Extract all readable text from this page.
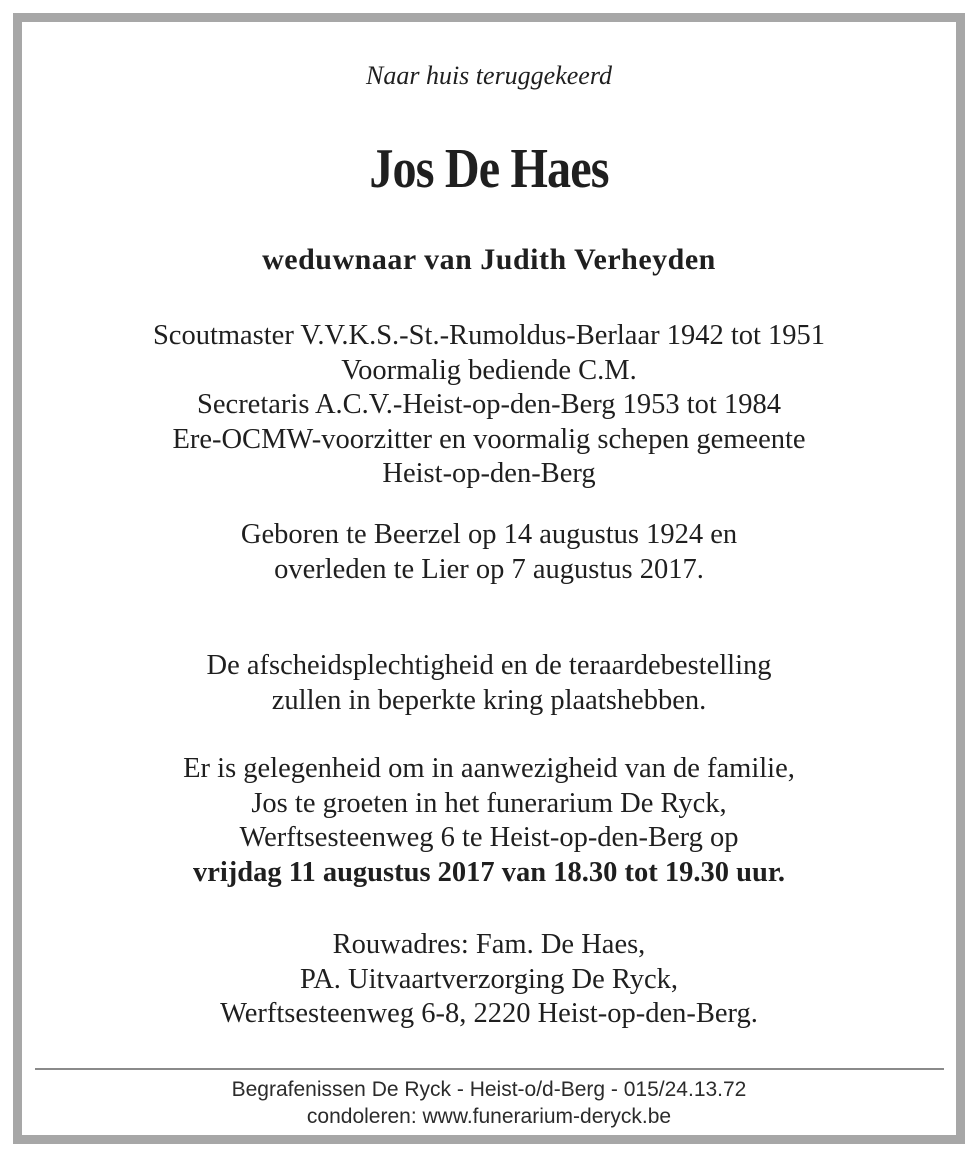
Naar huis teruggekeerd
Jos De Haes
weduwnaar van Judith Verheyden
Scoutmaster V.V.K.S.-St.-Rumoldus-Berlaar 1942 tot 1951
Voormalig bediende C.M.
Secretaris A.C.V.-Heist-op-den-Berg 1953 tot 1984
Ere-OCMW-voorzitter en voormalig schepen gemeente
Heist-op-den-Berg
Geboren te Beerzel op 14 augustus 1924 en
overleden te Lier op 7 augustus 2017.
De afscheidsplechtigheid en de teraardebestelling
zullen in beperkte kring plaatshebben.
Er is gelegenheid om in aanwezigheid van de familie,
Jos te groeten in het funerarium De Ryck,
Werftsesteenweg 6 te Heist-op-den-Berg op
vrijdag 11 augustus 2017 van 18.30 tot 19.30 uur.
Rouwadres: Fam. De Haes,
PA. Uitvaartverzorging De Ryck,
Werftsesteenweg 6-8, 2220 Heist-op-den-Berg.
Begrafenissen De Ryck - Heist-o/d-Berg - 015/24.13.72
condoleren: www.funerarium-deryck.be
